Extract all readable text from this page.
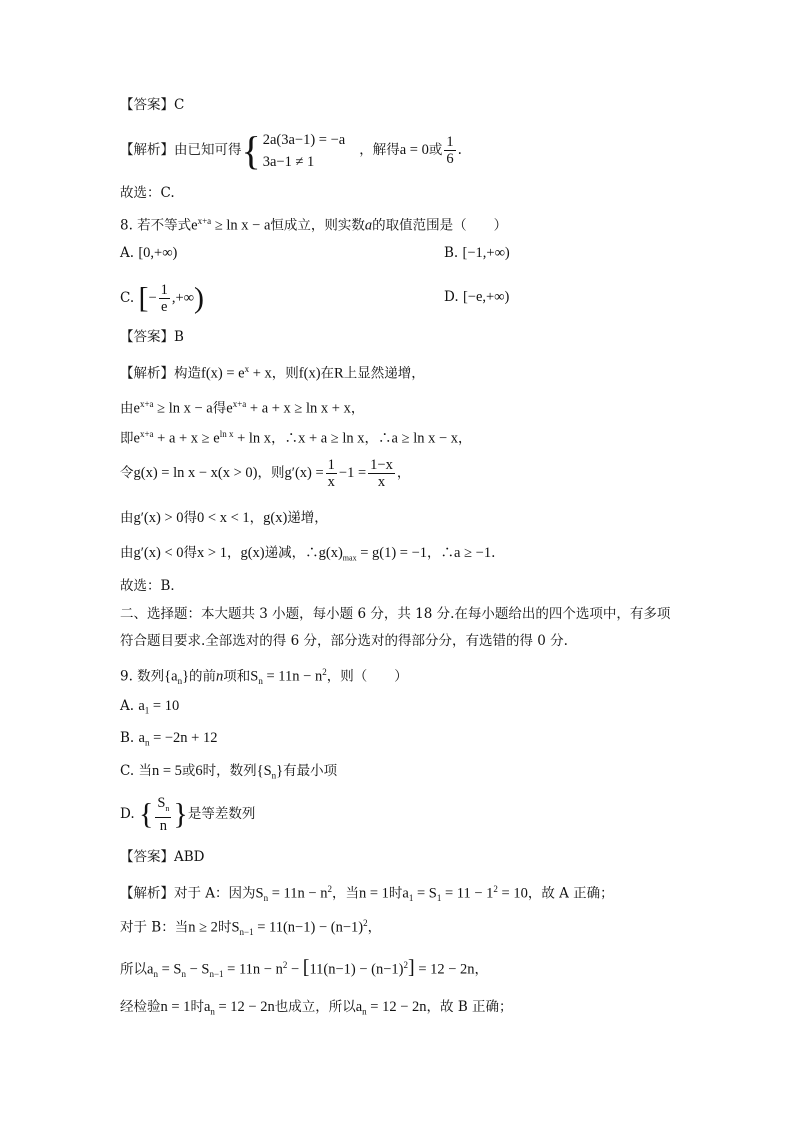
【答案】C
【解析】由已知可得{ 2a(3a−1) = −a
3a−1 ≠ 1
，解得a = 0或 $\frac{1}{6}$ .
故选：C.
8. 若不等式$e^{x+a} \ge \ln x - a$恒成立，则实数a的取值范围是（　　）
A. [0,+∞)	B. [−1,+∞)
C. [− $\frac{1}{e}$ ,+∞)	D. [−e,+∞)
【答案】B
【解析】构造$f(x) = e^x + x$，则f(x)在R上显然递增，
由$e^{x+a} \ge \ln x - a$得$e^{x+a} + a + x \ge \ln x + x$，
即$e^{x+a} + a + x \ge e^{ln x} + \ln x$，∴x + a ≥ ln x，∴a ≥ ln x − x，
令g(x) = ln x − x(x > 0)，则$g'(x) = \frac{1}{x} -1 = \frac{1-x}{x}$ ，
由g′(x) > 0得0 < x < 1，g(x)递增，
由g′(x) < 0得x > 1，g(x)递减，$\therefore g(x)_{max} = g(1) = -1$，∴a ≥ −1.
故选：B．
二、选择题：本大题共 3 小题，每小题 6 分，共 18 分.在每小题给出的四个选项中，有多项
符合题目要求.全部选对的得 6 分，部分选对的得部分分，有选错的得 0 分.
9. 数列$\{a_n\}$的前n项和$S_n = 11n - n^2$，则（　　）
A. $a_1 = 10$
B. $a_n = -2n + 12$
C. 当n = 5或6时，数列$\{S_n\}$有最小项
D. { $\frac{S_n}{n}$ }是等差数列
【答案】ABD
【解析】对于 A：因为$S_n = 11n - n^2$，当n = 1时$a_1 = S_1 = 11 - 1^2 = 10$，故 A 正确；
对于 B：当n ≥ 2时$S_{n-1} = 11(n-1) - (n-1)^2$，
所以$a_n = S_n - S_{n-1} = 11n - n^2 - [11(n-1) - (n-1)^2] = 12 - 2n$，
经检验n = 1时$a_n = 12 - 2n$也成立，所以$a_n = 12 - 2n$，故 B 正确；
